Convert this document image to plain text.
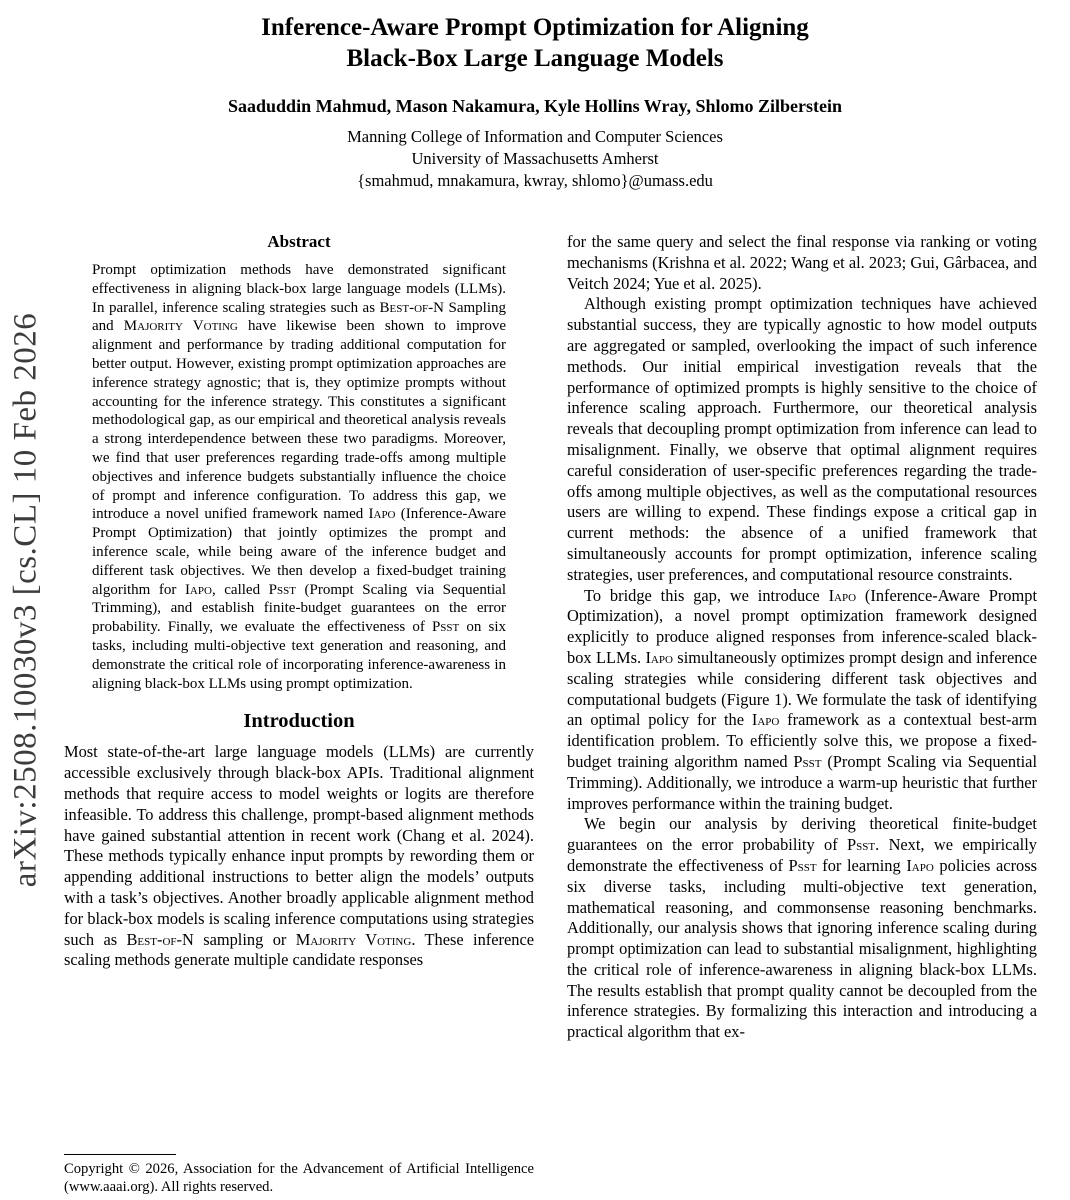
arXiv:2508.10030v3 [cs.CL] 10 Feb 2026
Inference-Aware Prompt Optimization for Aligning
Black-Box Large Language Models
Saaduddin Mahmud, Mason Nakamura, Kyle Hollins Wray, Shlomo Zilberstein
Manning College of Information and Computer Sciences
University of Massachusetts Amherst
{smahmud, mnakamura, kwray, shlomo}@umass.edu
Abstract

Prompt optimization methods have demonstrated significant effectiveness in aligning black-box large language models (LLMs). In parallel, inference scaling strategies such as Best-of-N Sampling and Majority Voting have likewise been shown to improve alignment and performance by trading additional computation for better output. However, existing prompt optimization approaches are inference strategy agnostic; that is, they optimize prompts without accounting for the inference strategy. This constitutes a significant methodological gap, as our empirical and theoretical analysis reveals a strong interdependence between these two paradigms. Moreover, we find that user preferences regarding trade-offs among multiple objectives and inference budgets substantially influence the choice of prompt and inference configuration. To address this gap, we introduce a novel unified framework named Iapo (Inference-Aware Prompt Optimization) that jointly optimizes the prompt and inference scale, while being aware of the inference budget and different task objectives. We then develop a fixed-budget training algorithm for Iapo, called Psst (Prompt Scaling via Sequential Trimming), and establish finite-budget guarantees on the error probability. Finally, we evaluate the effectiveness of Psst on six tasks, including multi-objective text generation and reasoning, and demonstrate the critical role of incorporating inference-awareness in aligning black-box LLMs using prompt optimization.

Introduction

Most state-of-the-art large language models (LLMs) are currently accessible exclusively through black-box APIs. Traditional alignment methods that require access to model weights or logits are therefore infeasible. To address this challenge, prompt-based alignment methods have gained substantial attention in recent work (Chang et al. 2024). These methods typically enhance input prompts by rewording them or appending additional instructions to better align the models’ outputs with a task’s objectives. Another broadly applicable alignment method for black-box models is scaling inference computations using strategies such as Best-of-N sampling or Majority Voting. These inference scaling methods generate multiple candidate responses

for the same query and select the final response via ranking or voting mechanisms (Krishna et al. 2022; Wang et al. 2023; Gui, Gârbacea, and Veitch 2024; Yue et al. 2025).

Although existing prompt optimization techniques have achieved substantial success, they are typically agnostic to how model outputs are aggregated or sampled, overlooking the impact of such inference methods. Our initial empirical investigation reveals that the performance of optimized prompts is highly sensitive to the choice of inference scaling approach. Furthermore, our theoretical analysis reveals that decoupling prompt optimization from inference can lead to misalignment. Finally, we observe that optimal alignment requires careful consideration of user-specific preferences regarding the trade-offs among multiple objectives, as well as the computational resources users are willing to expend. These findings expose a critical gap in current methods: the absence of a unified framework that simultaneously accounts for prompt optimization, inference scaling strategies, user preferences, and computational resource constraints.

To bridge this gap, we introduce Iapo (Inference-Aware Prompt Optimization), a novel prompt optimization framework designed explicitly to produce aligned responses from inference-scaled black-box LLMs. Iapo simultaneously optimizes prompt design and inference scaling strategies while considering different task objectives and computational budgets (Figure 1). We formulate the task of identifying an optimal policy for the Iapo framework as a contextual best-arm identification problem. To efficiently solve this, we propose a fixed-budget training algorithm named Psst (Prompt Scaling via Sequential Trimming). Additionally, we introduce a warm-up heuristic that further improves performance within the training budget.

We begin our analysis by deriving theoretical finite-budget guarantees on the error probability of Psst. Next, we empirically demonstrate the effectiveness of Psst for learning Iapo policies across six diverse tasks, including multi-objective text generation, mathematical reasoning, and commonsense reasoning benchmarks. Additionally, our analysis shows that ignoring inference scaling during prompt optimization can lead to substantial misalignment, highlighting the critical role of inference-awareness in aligning black-box LLMs. The results establish that prompt quality cannot be decoupled from the inference strategies. By formalizing this interaction and introducing a practical algorithm that ex-

Copyright © 2026, Association for the Advancement of Artificial Intelligence (www.aaai.org). All rights reserved.
